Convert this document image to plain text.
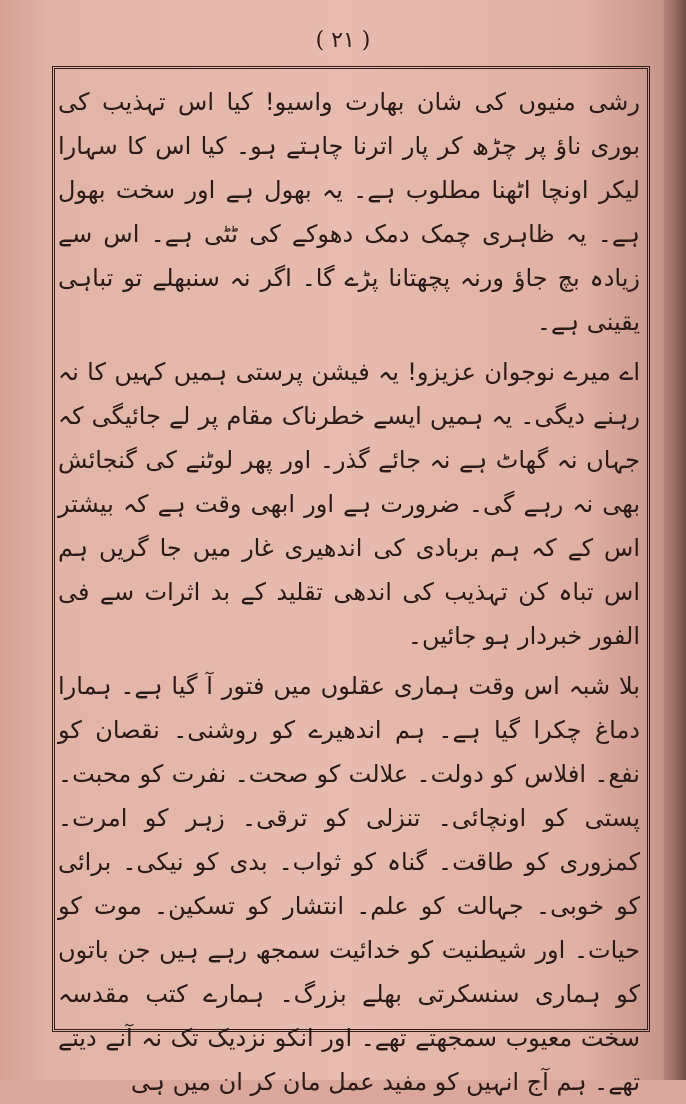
( ۲۱ )

رشی منیوں کی شان بھارت واسیو! کیا اس تہذیب کی بوری ناؤ پر چڑھ کر پار اترنا چاہتے ہو۔ کیا اس کا سہارا لیکر اونچا اٹھنا مطلوب ہے۔ یہ بھول ہے اور سخت بھول ہے۔ یہ ظاہری چمک دمک دھوکے کی ٹٹی ہے۔ اس سے زیادہ بچ جاؤ ورنہ پچھتانا پڑے گا۔ اگر نہ سنبھلے تو تباہی یقینی ہے۔

اے میرے نوجوان عزیزو! یہ فیشن پرستی ہمیں کہیں کا نہ رہنے دیگی۔ یہ ہمیں ایسے خطرناک مقام پر لے جائیگی کہ جہاں نہ گھاٹ ہے نہ جائے گذر۔ اور پھر لوٹنے کی گنجائش بھی نہ رہے گی۔ ضرورت ہے اور ابھی وقت ہے کہ بیشتر اس کے کہ ہم بربادی کی اندھیری غار میں جا گریں ہم اس تباہ کن تہذیب کی اندھی تقلید کے بد اثرات سے فی الفور خبردار ہو جائیں۔

بلا شبہ اس وقت ہماری عقلوں میں فتور آ گیا ہے۔ ہمارا دماغ چکرا گیا ہے۔ ہم اندھیرے کو روشنی۔ نقصان کو نفع۔ افلاس کو دولت۔ علالت کو صحت۔ نفرت کو محبت۔ پستی کو اونچائی۔ تنزلی کو ترقی۔ زہر کو امرت۔ کمزوری کو طاقت۔ گناہ کو ثواب۔ بدی کو نیکی۔ برائی کو خوبی۔ جہالت کو علم۔ انتشار کو تسکین۔ موت کو حیات۔ اور شیطنیت کو خدائیت سمجھ رہے ہیں جن باتوں کو ہماری سنسکرتی بھلے بزرگ۔ ہمارے کتب مقدسہ سخت معیوب سمجھتے تھے۔ اور انکو نزدیک تک نہ آنے دیتے تھے۔ ہم آج انہیں کو مفید عمل مان کر ان میں ہی
